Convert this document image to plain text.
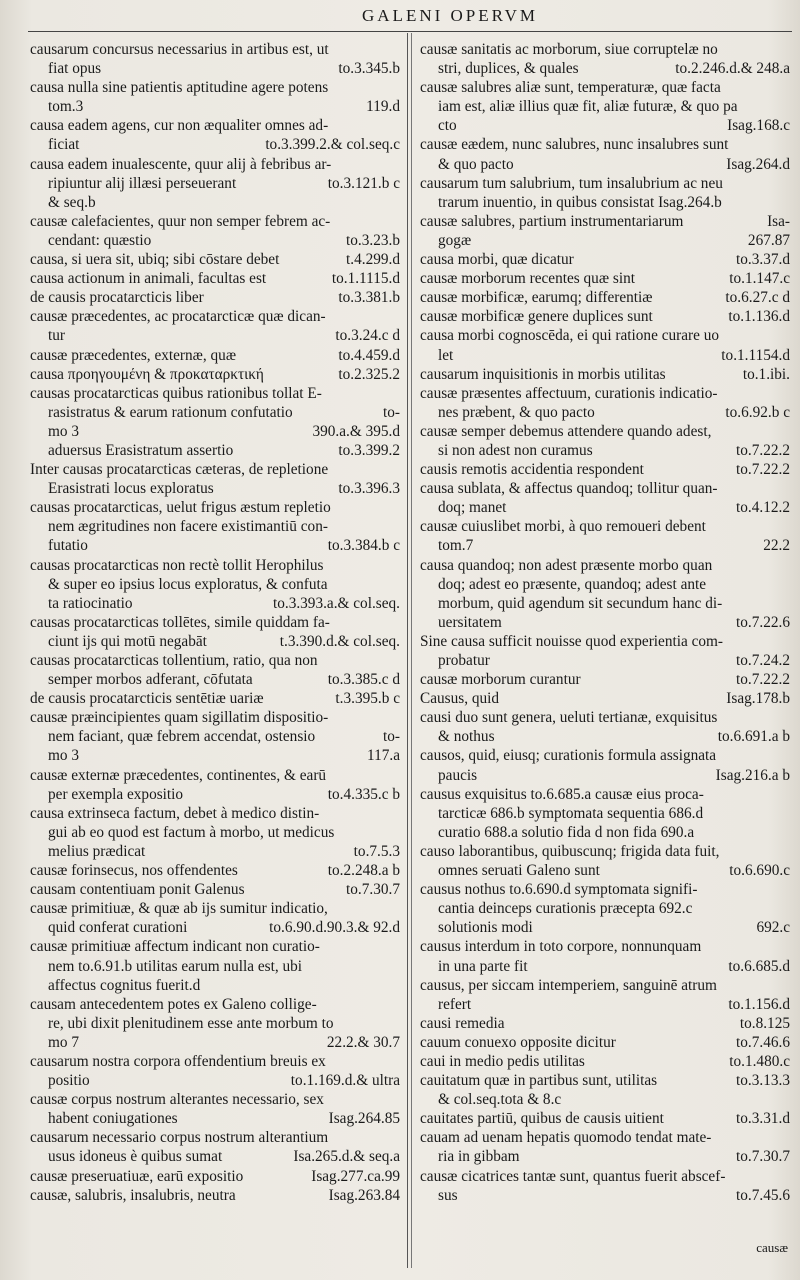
GALENI OPERVM
causarum concursus necessarius in artibus est, ut
fiat opus	to.3.345.b
causa nulla sine patientis aptitudine agere potens
tom.3	119.d
causa eadem agens, cur non æqualiter omnes ad-
ficiat	to.3.399.2.& col.seq.c
causa eadem inualescente, quur alij à febribus ar-
ripiuntur alij illæsi perseuerant	to.3.121.b c
& seq.b
causæ calefacientes, quur non semper febrem ac-
cendant: quæstio	to.3.23.b
causa, si uera sit, ubiq; sibi cōstare debet	t.4.299.d
causa actionum in animali, facultas est	to.1.1115.d
de causis procatarcticis liber	to.3.381.b
causæ præcedentes, ac procatarcticæ quæ dican-
tur	to.3.24.c d
causæ præcedentes, externæ, quæ	to.4.459.d
causa προηγουμένη & προκαταρκτική	to.2.325.2
causas procatarcticas quibus rationibus tollat E-
rasistratus & earum rationum confutatio	to-
mo 3	390.a.& 395.d
aduersus Erasistratum assertio	to.3.399.2
Inter causas procatarcticas cæteras, de repletione
Erasistrati locus exploratus	to.3.396.3
causas procatarcticas, uelut frigus æstum repletio
nem ægritudines non facere existimantiū con-
futatio	to.3.384.b c
causas procatarcticas non rectè tollit Herophilus
& super eo ipsius locus exploratus, & confuta
ta ratiocinatio	to.3.393.a.& col.seq.
causas procatarcticas tollētes, simile quiddam fa-
ciunt ijs qui motū negabāt	t.3.390.d.& col.seq.
causas procatarcticas tollentium, ratio, qua non
semper morbos adferant, cōfutata	to.3.385.c d
de causis procatarcticis sentētiæ uariæ	t.3.395.b c
causæ præincipientes quam sigillatim dispositio-
nem faciant, quæ febrem accendat, ostensio	to-
mo 3	117.a
causæ externæ præcedentes, continentes, & earū
per exempla expositio	to.4.335.c b
causa extrinseca factum, debet à medico distin-
gui ab eo quod est factum à morbo, ut medicus
melius prædicat	to.7.5.3
causæ forinsecus, nos offendentes	to.2.248.a b
causam contentiuam ponit Galenus	to.7.30.7
causæ primitiuæ, & quæ ab ijs sumitur indicatio,
quid conferat curationi	to.6.90.d.90.3.& 92.d
causæ primitiuæ affectum indicant non curatio-
nem to.6.91.b utilitas earum nulla est, ubi
affectus cognitus fuerit.d
causam antecedentem potes ex Galeno collige-
re, ubi dixit plenitudinem esse ante morbum to
mo 7	22.2.& 30.7
causarum nostra corpora offendentium breuis ex
positio	to.1.169.d.& ultra
causæ corpus nostrum alterantes necessario, sex
habent coniugationes	Isag.264.85
causarum necessario corpus nostrum alterantium
usus idoneus è quibus sumat	Isa.265.d.& seq.a
causæ preseruatiuæ, earū expositio	Isag.277.ca.99
causæ, salubris, insalubris, neutra	Isag.263.84
causæ sanitatis ac morborum, siue corruptelæ no
stri, duplices, & quales	to.2.246.d.& 248.a
causæ salubres aliæ sunt, temperaturæ, quæ facta
iam est, aliæ illius quæ fit, aliæ futuræ, & quo pa
cto	Isag.168.c
causæ eædem, nunc salubres, nunc insalubres sunt
& quo pacto	Isag.264.d
causarum tum salubrium, tum insalubrium ac neu
trarum inuentio, in quibus consistat Isag.264.b
causæ salubres, partium instrumentariarum	Isa-
gogæ	267.87
causa morbi, quæ dicatur	to.3.37.d
causæ morborum recentes quæ sint	to.1.147.c
causæ morbificæ, earumq; differentiæ	to.6.27.c d
causæ morbificæ genere duplices sunt	to.1.136.d
causa morbi cognoscēda, ei qui ratione curare uo
let	to.1.1154.d
causarum inquisitionis in morbis utilitas	to.1.ibi.
causæ præsentes affectuum, curationis indicatio-
nes præbent, & quo pacto	to.6.92.b c
causæ semper debemus attendere quando adest,
si non adest non curamus	to.7.22.2
causis remotis accidentia respondent	to.7.22.2
causa sublata, & affectus quandoq; tollitur quan-
doq; manet	to.4.12.2
causæ cuiuslibet morbi, à quo remoueri debent
tom.7	22.2
causa quandoq; non adest præsente morbo quan
doq; adest eo præsente, quandoq; adest ante
morbum, quid agendum sit secundum hanc di-
uersitatem	to.7.22.6
Sine causa sufficit nouisse quod experientia com-
probatur	to.7.24.2
causæ morborum curantur	to.7.22.2
Causus, quid	Isag.178.b
causi duo sunt genera, ueluti tertianæ, exquisitus
& nothus	to.6.691.a b
causos, quid, eiusq; curationis formula assignata
paucis	Isag.216.a b
causus exquisitus to.6.685.a causæ eius proca-
tarcticæ 686.b symptomata sequentia 686.d
curatio 688.a solutio fida d non fida 690.a
causo laborantibus, quibuscunq; frigida data fuit,
omnes seruati Galeno sunt	to.6.690.c
causus nothus to.6.690.d symptomata signifi-
cantia deinceps curationis præcepta 692.c
solutionis modi	692.c
causus interdum in toto corpore, nonnunquam
in una parte fit	to.6.685.d
causus, per siccam intemperiem, sanguinē atrum
refert	to.1.156.d
causi remedia	to.8.125
cauum conuexo opposite dicitur	to.7.46.6
caui in medio pedis utilitas	to.1.480.c
cauitatum quæ in partibus sunt, utilitas	to.3.13.3
& col.seq.tota & 8.c
cauitates partiū, quibus de causis uitient	to.3.31.d
cauam ad uenam hepatis quomodo tendat mate-
ria in gibbam	to.7.30.7
causæ cicatrices tantæ sunt, quantus fuerit abscef-
sus	to.7.45.6
causæ
